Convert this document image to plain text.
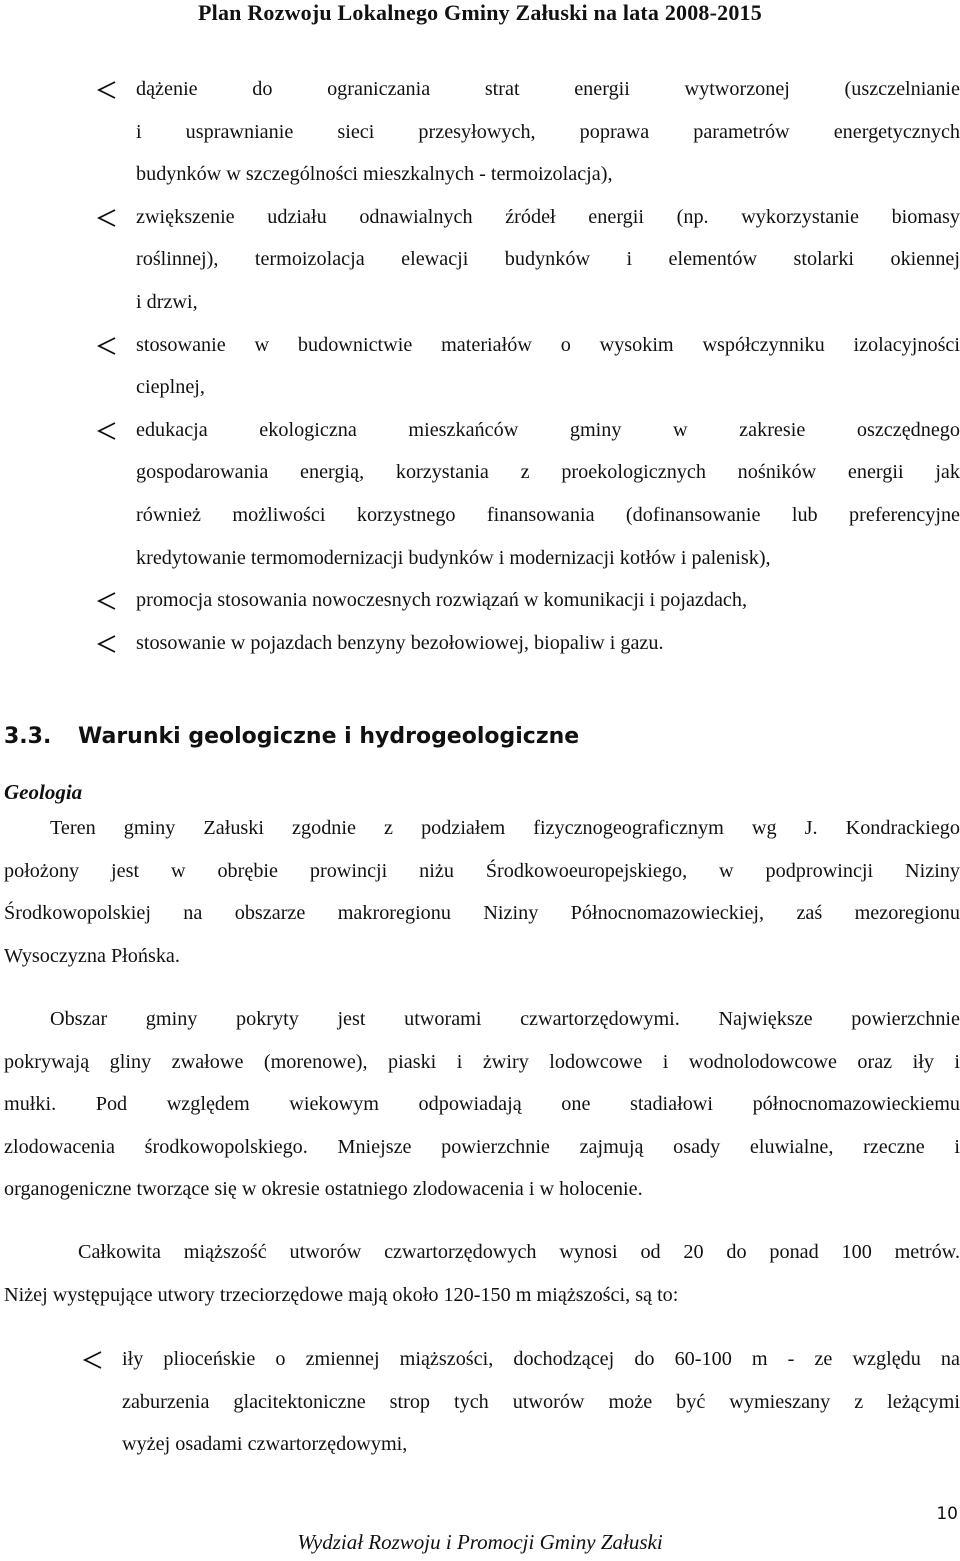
Plan Rozwoju Lokalnego Gminy Załuski na lata 2008-2015
dążenie do ograniczania strat energii wytworzonej (uszczelnianie
i usprawnianie sieci przesyłowych, poprawa parametrów energetycznych
budynków w szczególności mieszkalnych - termoizolacja),
zwiększenie udziału odnawialnych źródeł energii (np. wykorzystanie biomasy
roślinnej), termoizolacja elewacji budynków i elementów stolarki okiennej
i drzwi,
stosowanie w budownictwie materiałów o wysokim współczynniku izolacyjności
cieplnej,
edukacja ekologiczna mieszkańców gminy w zakresie oszczędnego
gospodarowania energią, korzystania z proekologicznych nośników energii jak
również możliwości korzystnego finansowania (dofinansowanie lub preferencyjne
kredytowanie termomodernizacji budynków i modernizacji kotłów i palenisk),
promocja stosowania nowoczesnych rozwiązań w komunikacji i pojazdach,
stosowanie w pojazdach benzyny bezołowiowej, biopaliw i gazu.
3.3. Warunki geologiczne i hydrogeologiczne
Geologia
Teren gminy Załuski zgodnie z podziałem fizycznogeograficznym wg J. Kondrackiego
położony jest w obrębie prowincji niżu Środkowoeuropejskiego, w podprowincji Niziny
Środkowopolskiej na obszarze makroregionu Niziny Północnomazowieckiej, zaś mezoregionu
Wysoczyzna Płońska.
Obszar gminy pokryty jest utworami czwartorzędowymi. Największe powierzchnie
pokrywają gliny zwałowe (morenowe), piaski i żwiry lodowcowe i wodnolodowcowe oraz iły i
mułki. Pod względem wiekowym odpowiadają one stadiałowi północnomazowieckiemu
zlodowacenia środkowopolskiego. Mniejsze powierzchnie zajmują osady eluwialne, rzeczne i
organogeniczne tworzące się w okresie ostatniego zlodowacenia i w holocenie.
Całkowita miąższość utworów czwartorzędowych wynosi od 20 do ponad 100 metrów.
Niżej występujące utwory trzeciorzędowe mają około 120-150 m miąższości, są to:
iły plioceńskie o zmiennej miąższości, dochodzącej do 60-100 m - ze względu na
zaburzenia glacitektoniczne strop tych utworów może być wymieszany z leżącymi
wyżej osadami czwartorzędowymi,
10
Wydział Rozwoju i Promocji Gminy Załuski
